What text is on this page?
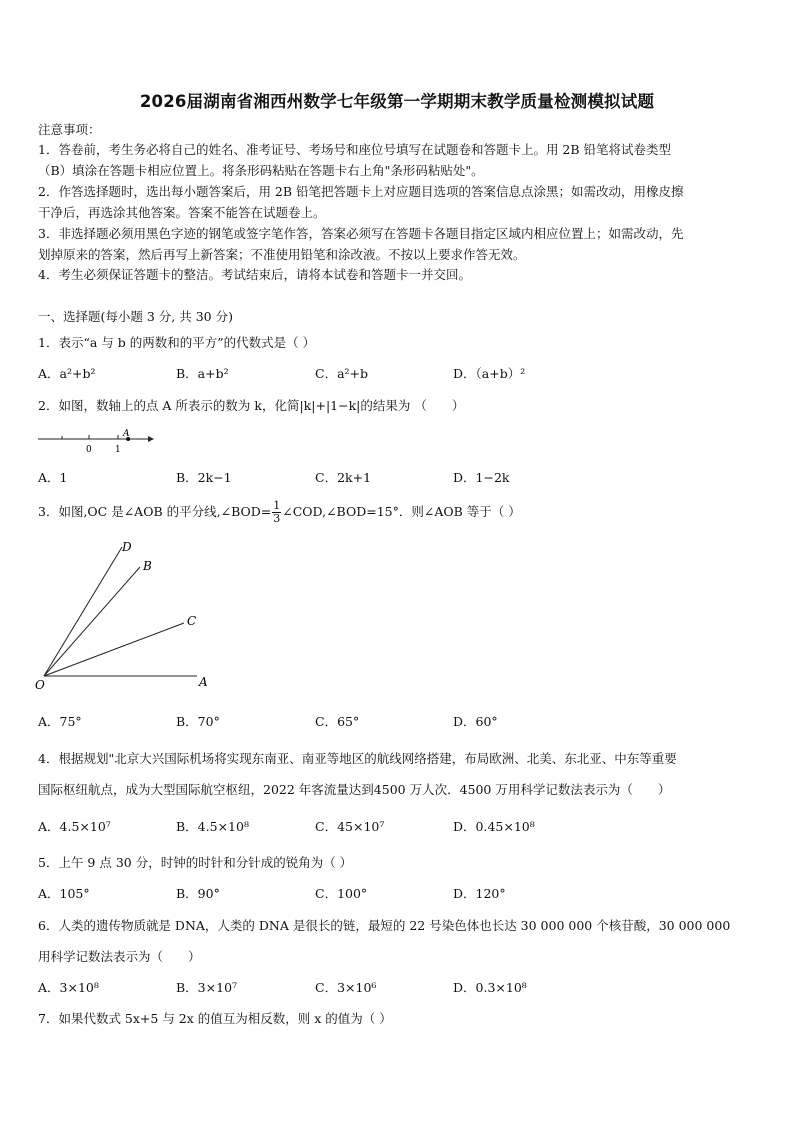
2026届湖南省湘西州数学七年级第一学期期末教学质量检测模拟试题
注意事项：
1．答卷前，考生务必将自己的姓名、准考证号、考场号和座位号填写在试题卷和答题卡上。用 2B 铅笔将试卷类型
（B）填涂在答题卡相应位置上。将条形码粘贴在答题卡右上角"条形码粘贴处"。
2．作答选择题时，选出每小题答案后，用 2B 铅笔把答题卡上对应题目选项的答案信息点涂黑；如需改动，用橡皮擦
干净后，再选涂其他答案。答案不能答在试题卷上。
3．非选择题必须用黑色字迹的钢笔或签字笔作答，答案必须写在答题卡各题目指定区域内相应位置上；如需改动，先
划掉原来的答案，然后再写上新答案；不准使用铅笔和涂改液。不按以上要求作答无效。
4．考生必须保证答题卡的整洁。考试结束后，请将本试卷和答题卡一并交回。
一、选择题(每小题 3 分, 共 30 分)
1．表示“a 与 b 的两数和的平方”的代数式是（ ）
A．a²+b²	B．a+b²	C．a²+b	D．（a+b）²
2．如图，数轴上的点 A 所表示的数为 k，化简|k|+|1−k|的结果为 （　　）
0	1
A
A．1	B．2k−1	C．2k+1	D．1−2k
3．如图,OC 是∠AOB 的平分线,∠BOD= $\frac{1}{3}$ ∠COD,∠BOD=15°．则∠AOB 等于（ ）
D
B
C
O	A
A．75°	B．70°	C．65°	D．60°
4．根据规划"北京大兴国际机场将实现东南亚、南亚等地区的航线网络搭建，布局欧洲、北美、东北亚、中东等重要
国际枢纽航点，成为大型国际航空枢纽，2022 年客流量达到4500 万人次．4500 万用科学记数法表示为（　　）
A．4.5×10⁷	B．4.5×10⁸	C．45×10⁷	D．0.45×10⁸
5．上午 9 点 30 分，时钟的时针和分针成的锐角为（ ）
A．105°	B．90°	C．100°	D．120°
6．人类的遗传物质就是 DNA，人类的 DNA 是很长的链，最短的 22 号染色体也长达 30 000 000 个核苷酸，30 000 000
用科学记数法表示为（　　）
A．3×10⁸	B．3×10⁷	C．3×10⁶	D．0.3×10⁸
7．如果代数式 5x+5 与 2x 的值互为相反数，则 x 的值为（ ）
